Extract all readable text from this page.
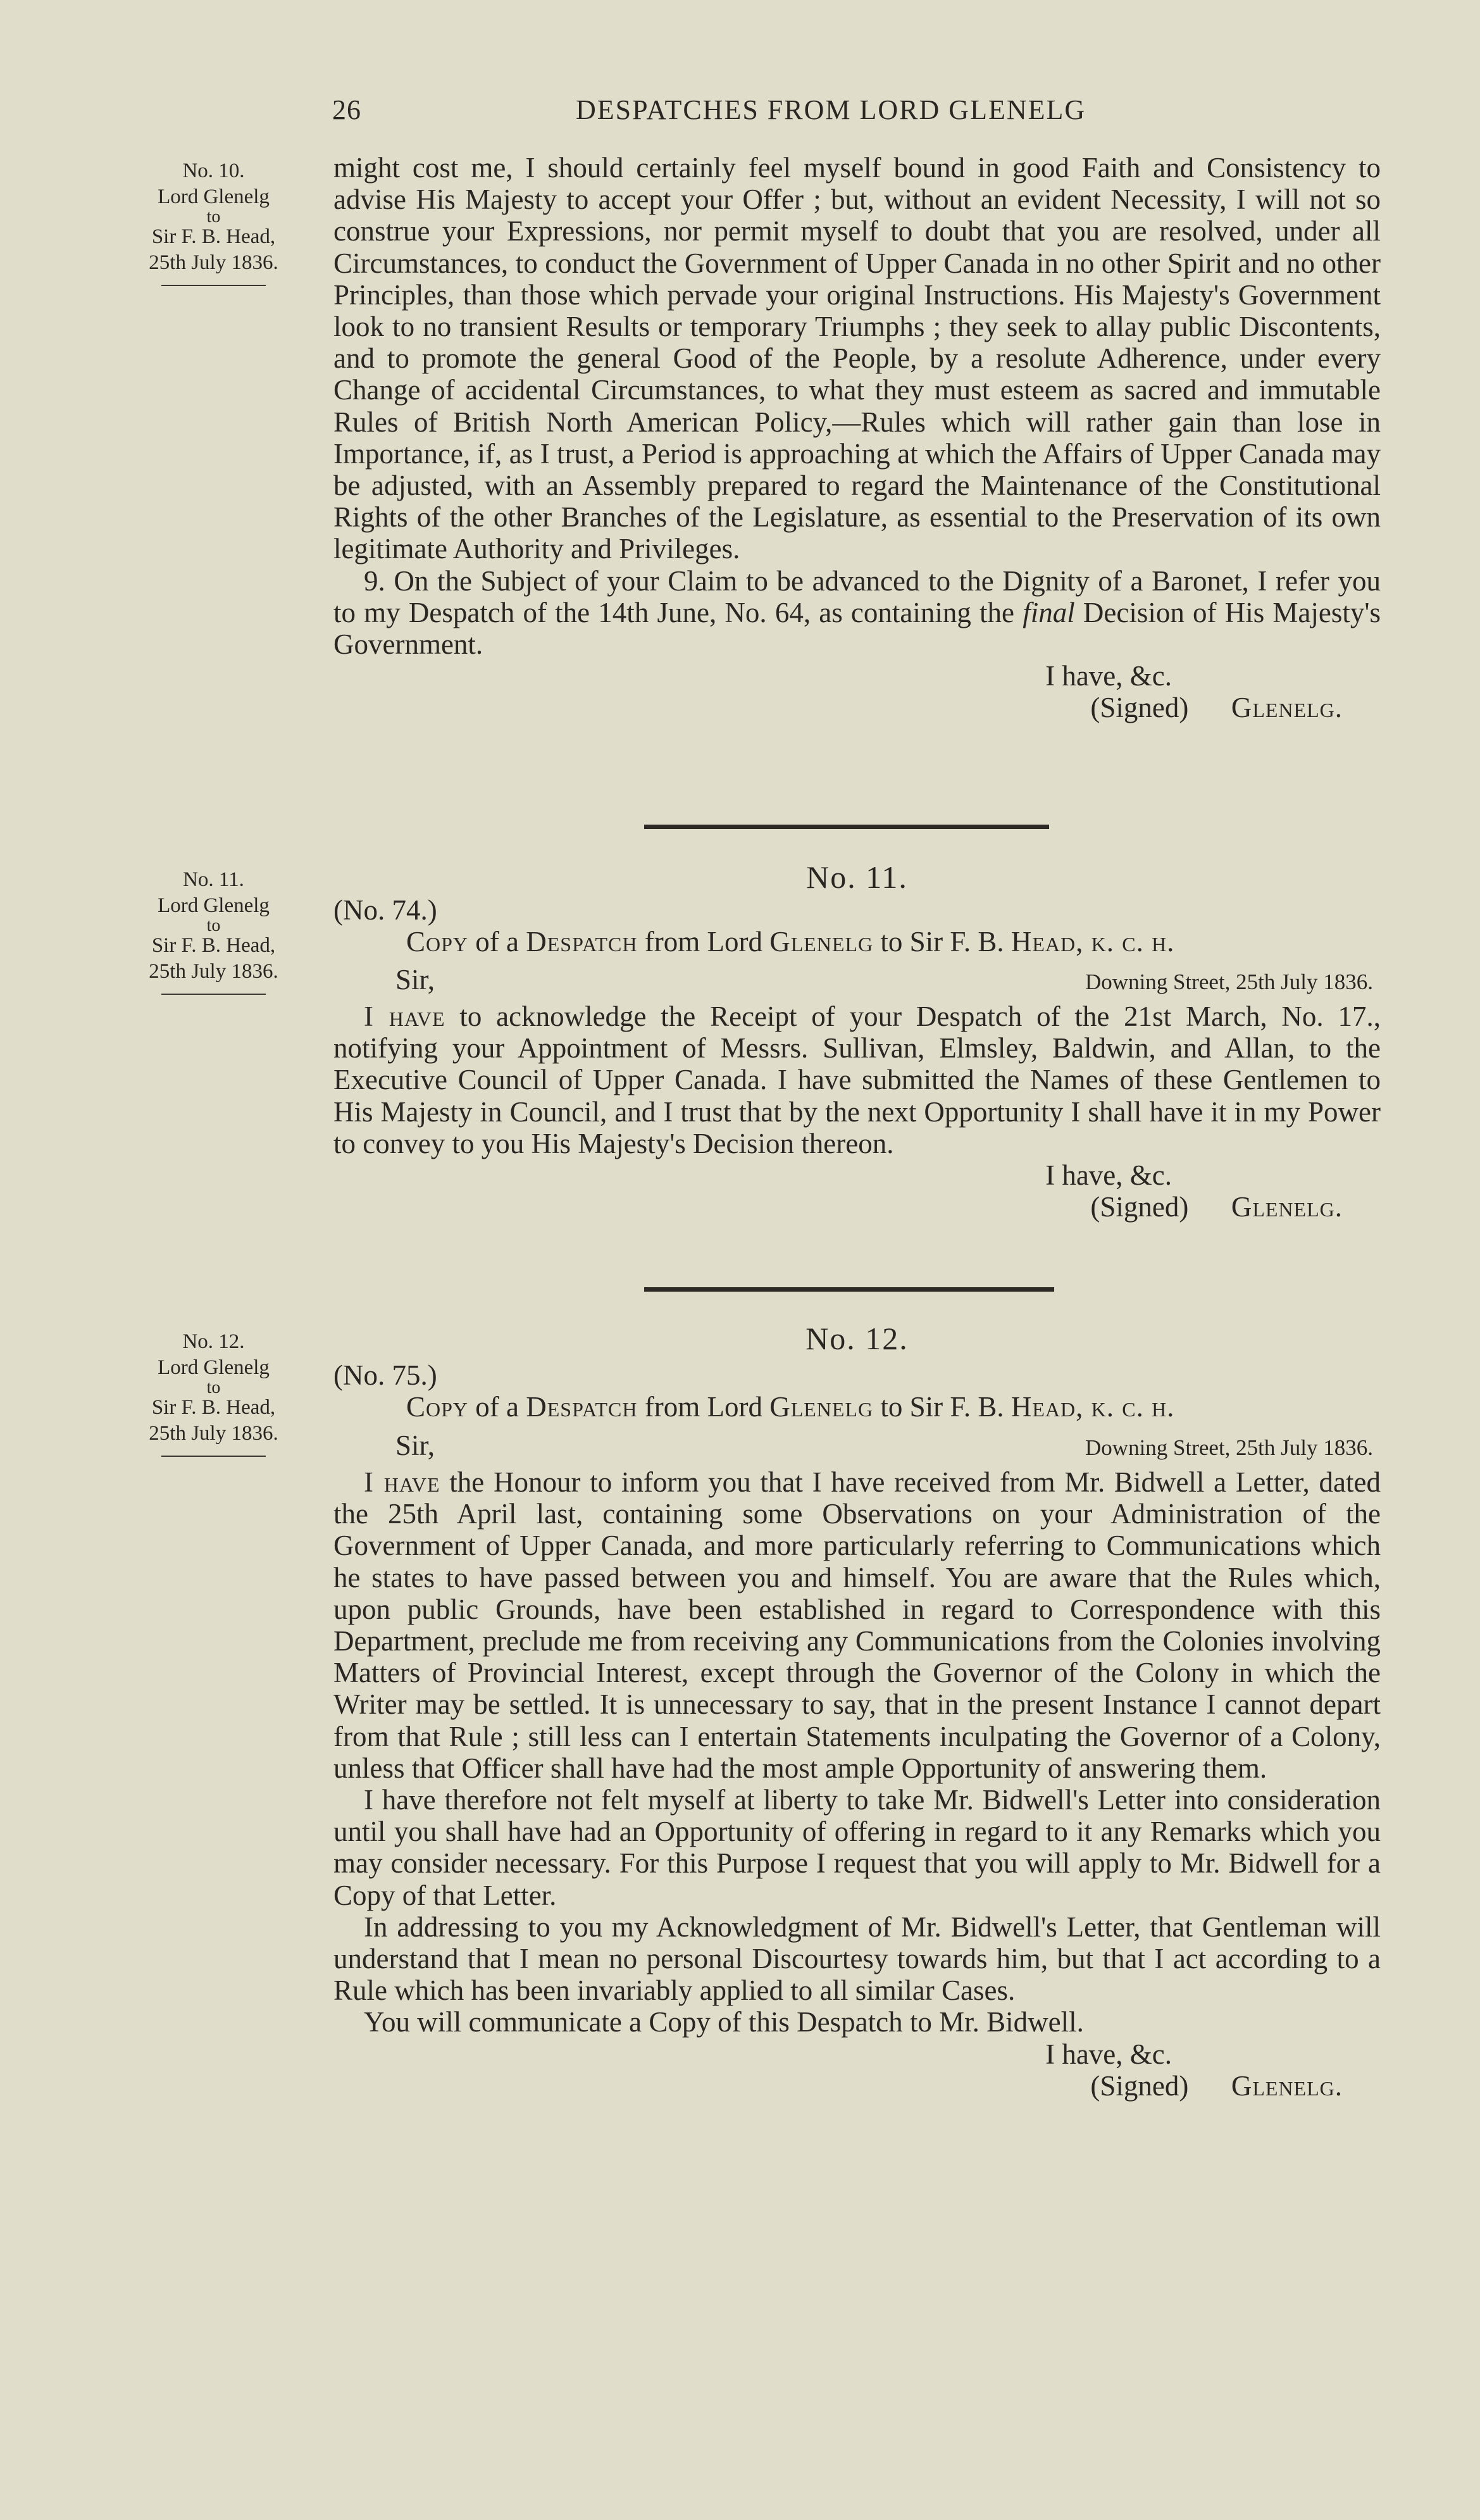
26	DESPATCHES FROM LORD GLENELG
No. 10.
Lord Glenelg
to
Sir F. B. Head,
25th July 1836.

might cost me, I should certainly feel myself bound in good Faith and Consistency to advise His Majesty to accept your Offer ; but, without an evident Necessity, I will not so construe your Expressions, nor permit myself to doubt that you are resolved, under all Circumstances, to conduct the Government of Upper Canada in no other Spirit and no other Principles, than those which pervade your original Instructions. His Majesty's Government look to no transient Results or temporary Triumphs ; they seek to allay public Discontents, and to promote the general Good of the People, by a resolute Adherence, under every Change of accidental Circumstances, to what they must esteem as sacred and immutable Rules of British North American Policy,—Rules which will rather gain than lose in Importance, if, as I trust, a Period is approaching at which the Affairs of Upper Canada may be adjusted, with an Assembly prepared to regard the Maintenance of the Constitutional Rights of the other Branches of the Legislature, as essential to the Preservation of its own legitimate Authority and Privileges.

9. On the Subject of your Claim to be advanced to the Dignity of a Baronet, I refer you to my Despatch of the 14th June, No. 64, as containing the final Decision of His Majesty's Government.

I have, &c.
(Signed) Glenelg.
No. 11.
Lord Glenelg
to
Sir F. B. Head,
25th July 1836.
No. 11.
(No. 74.)
Copy of a Despatch from Lord Glenelg to Sir F. B. Head, k. c. h.
Sir,	Downing Street, 25th July 1836.

I have to acknowledge the Receipt of your Despatch of the 21st March, No. 17., notifying your Appointment of Messrs. Sullivan, Elmsley, Baldwin, and Allan, to the Executive Council of Upper Canada. I have submitted the Names of these Gentlemen to His Majesty in Council, and I trust that by the next Opportunity I shall have it in my Power to convey to you His Majesty's Decision thereon.

I have, &c.
(Signed) Glenelg.
No. 12.
Lord Glenelg
to
Sir F. B. Head,
25th July 1836.
No. 12.
(No. 75.)
Copy of a Despatch from Lord Glenelg to Sir F. B. Head, k. c. h.
Sir,	Downing Street, 25th July 1836.

I have the Honour to inform you that I have received from Mr. Bidwell a Letter, dated the 25th April last, containing some Observations on your Administration of the Government of Upper Canada, and more particularly referring to Communications which he states to have passed between you and himself. You are aware that the Rules which, upon public Grounds, have been established in regard to Correspondence with this Department, preclude me from receiving any Communications from the Colonies involving Matters of Provincial Interest, except through the Governor of the Colony in which the Writer may be settled. It is unnecessary to say, that in the present Instance I cannot depart from that Rule ; still less can I entertain Statements inculpating the Governor of a Colony, unless that Officer shall have had the most ample Opportunity of answering them.

I have therefore not felt myself at liberty to take Mr. Bidwell's Letter into consideration until you shall have had an Opportunity of offering in regard to it any Remarks which you may consider necessary. For this Purpose I request that you will apply to Mr. Bidwell for a Copy of that Letter.

In addressing to you my Acknowledgment of Mr. Bidwell's Letter, that Gentleman will understand that I mean no personal Discourtesy towards him, but that I act according to a Rule which has been invariably applied to all similar Cases.

You will communicate a Copy of this Despatch to Mr. Bidwell.

I have, &c.
(Signed) Glenelg.
